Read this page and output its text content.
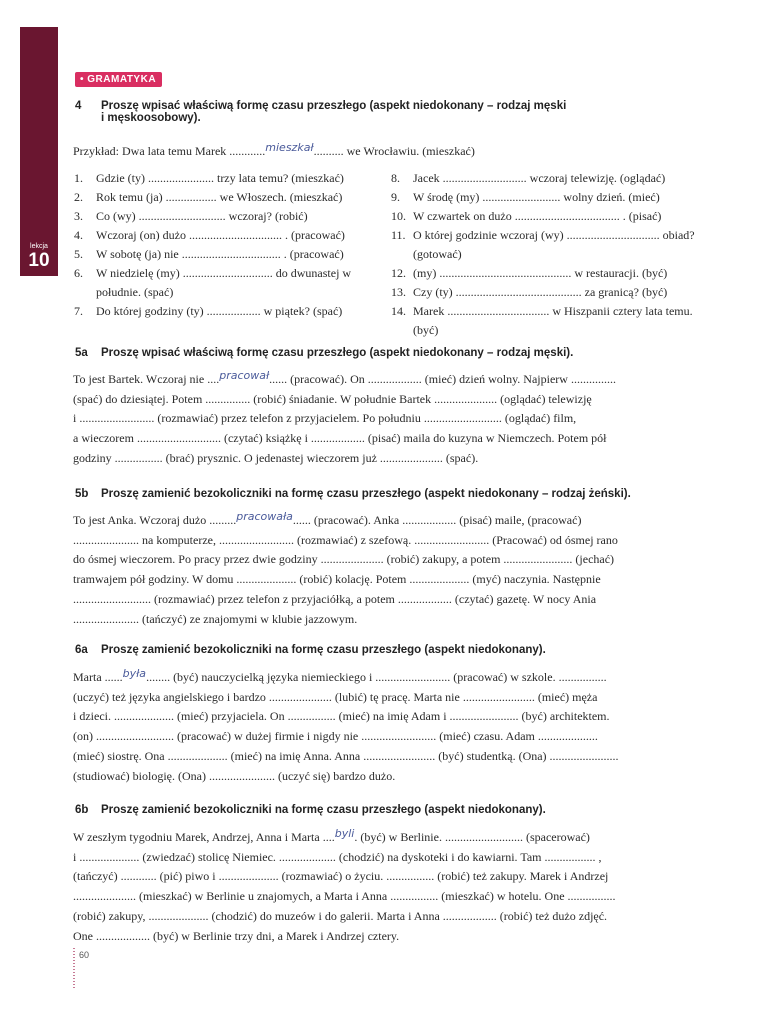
lekcja
10
• GRAMATYKA
4 Proszę wpisać właściwą formę czasu przeszłego (aspekt niedokonany – rodzaj męski
i męskoosobowy).
Przykład: Dwa lata temu Marek ............mieszkał.......... we Wrocławiu. (mieszkać)
1. Gdzie (ty) ...................... trzy lata temu? (mieszkać)
2. Rok temu (ja) ................. we Włoszech. (mieszkać)
3. Co (wy) ............................. wczoraj? (robić)
4. Wczoraj (on) dużo ............................... . (pracować)
5. W sobotę (ja) nie ................................. . (pracować)
6. W niedzielę (my) .............................. do dwunastej w południe. (spać)
7. Do której godziny (ty) .................. w piątek? (spać)
8. Jacek ............................ wczoraj telewizję. (oglądać)
9. W środę (my) .......................... wolny dzień. (mieć)
10. W czwartek on dużo ................................... . (pisać)
11. O której godzinie wczoraj (wy) ............................... obiad? (gotować)
12. (my) ............................................ w restauracji. (być)
13. Czy (ty) .......................................... za granicą? (być)
14. Marek .................................. w Hiszpanii cztery lata temu. (być)
5a Proszę wpisać właściwą formę czasu przeszłego (aspekt niedokonany – rodzaj męski).
To jest Bartek. Wczoraj nie ....pracował...... (pracować). On .................. (mieć) dzień wolny. Najpierw ...............
(spać) do dziesiątej. Potem ............... (robić) śniadanie. W południe Bartek ..................... (oglądać) telewizję
i ......................... (rozmawiać) przez telefon z przyjacielem. Po południu .......................... (oglądać) film,
a wieczorem ............................ (czytać) książkę i .................. (pisać) maila do kuzyna w Niemczech. Potem pół
godziny ................ (brać) prysznic. O jedenastej wieczorem już ..................... (spać).
5b Proszę zamienić bezokoliczniki na formę czasu przeszłego (aspekt niedokonany – rodzaj żeński).
To jest Anka. Wczoraj dużo .........pracowała...... (pracować). Anka .................. (pisać) maile, (pracować)
...................... na komputerze, ......................... (rozmawiać) z szefową. ......................... (Pracować) od ósmej rano
do ósmej wieczorem. Po pracy przez dwie godziny ..................... (robić) zakupy, a potem ....................... (jechać)
tramwajem pół godziny. W domu .................... (robić) kolację. Potem .................... (myć) naczynia. Następnie
.......................... (rozmawiać) przez telefon z przyjaciółką, a potem .................. (czytać) gazetę. W nocy Ania
...................... (tańczyć) ze znajomymi w klubie jazzowym.
6a Proszę zamienić bezokoliczniki na formę czasu przeszłego (aspekt niedokonany).
Marta ......była........ (być) nauczycielką języka niemieckiego i ......................... (pracować) w szkole. ................
(uczyć) też języka angielskiego i bardzo ..................... (lubić) tę pracę. Marta nie ........................ (mieć) męża
i dzieci. .................... (mieć) przyjaciela. On ................ (mieć) na imię Adam i ....................... (być) architektem.
(on) .......................... (pracować) w dużej firmie i nigdy nie ......................... (mieć) czasu. Adam ....................
(mieć) siostrę. Ona .................... (mieć) na imię Anna. Anna ........................ (być) studentką. (Ona) .......................
(studiować) biologię. (Ona) ...................... (uczyć się) bardzo dużo.
6b Proszę zamienić bezokoliczniki na formę czasu przeszłego (aspekt niedokonany).
W zeszłym tygodniu Marek, Andrzej, Anna i Marta ....byli. (być) w Berlinie. .......................... (spacerować)
i .................... (zwiedzać) stolicę Niemiec. ................... (chodzić) na dyskoteki i do kawiarni. Tam ................. ,
(tańczyć) ............ (pić) piwo i .................... (rozmawiać) o życiu. ................ (robić) też zakupy. Marek i Andrzej
..................... (mieszkać) w Berlinie u znajomych, a Marta i Anna ................ (mieszkać) w hotelu. One ................
(robić) zakupy, .................... (chodzić) do muzeów i do galerii. Marta i Anna .................. (robić) też dużo zdjęć.
One .................. (być) w Berlinie trzy dni, a Marek i Andrzej cztery.
60
